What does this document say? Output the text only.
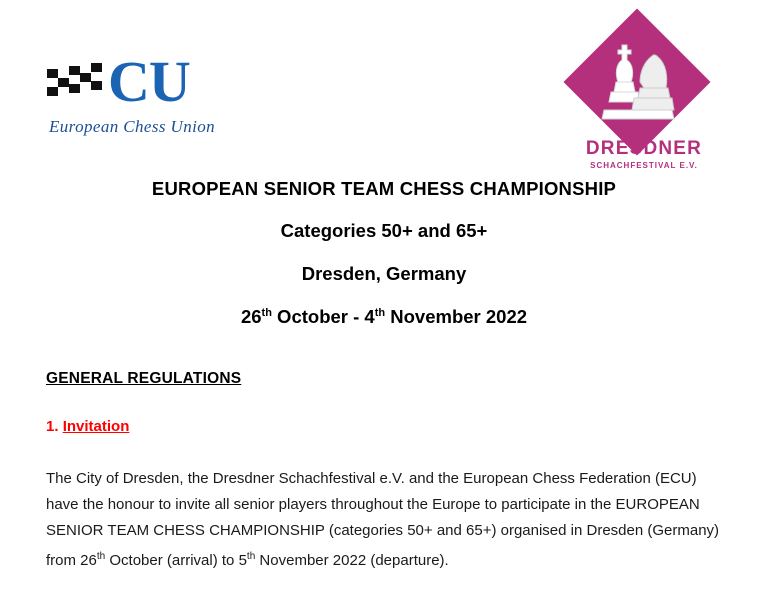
CU
European Chess Union
DRESDNER
SCHACHFESTIVAL E.V.
EUROPEAN SENIOR TEAM CHESS CHAMPIONSHIP
Categories 50+ and 65+
Dresden, Germany
26th October - 4th November 2022
GENERAL REGULATIONS
1. Invitation
The City of Dresden, the Dresdner Schachfestival e.V. and the European Chess Federation (ECU) have the honour to invite all senior players throughout the Europe to participate in the EUROPEAN SENIOR TEAM CHESS CHAMPIONSHIP (categories 50+ and 65+) organised in Dresden (Germany) from 26th October (arrival) to 5th November 2022 (departure).
